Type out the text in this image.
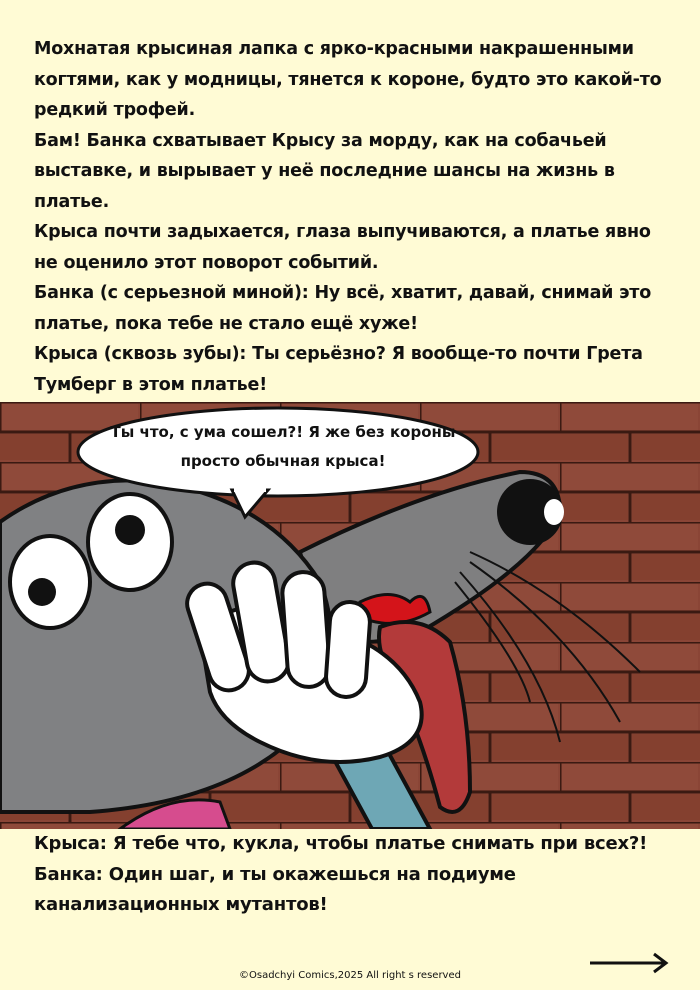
Мохнатая крысиная лапка с ярко-красными накрашенными когтями, как у модницы, тянется к короне, будто это какой-то редкий трофей.

Бам! Банка схватывает Крысу за морду, как на собачьей выставке, и вырывает у неё последние шансы на жизнь в платье.

Крыса почти задыхается, глаза выпучиваются, а платье явно не оценило этот поворот событий.

Банка (с серьезной миной): Ну всё, хватит, давай, снимай это платье, пока тебе не стало ещё хуже!

Крыса (сквозь зубы): Ты серьёзно? Я вообще-то почти Грета Тумберг в этом платье!

Ты что, с ума сошел?! Я же без короны просто обычная крыса!

Крыса: Я тебе что, кукла, чтобы платье снимать при всех?!

Банка: Один шаг, и ты окажешься на подиуме канализационных мутантов!

©Osadchyi Comics,2025 All right s reserved
